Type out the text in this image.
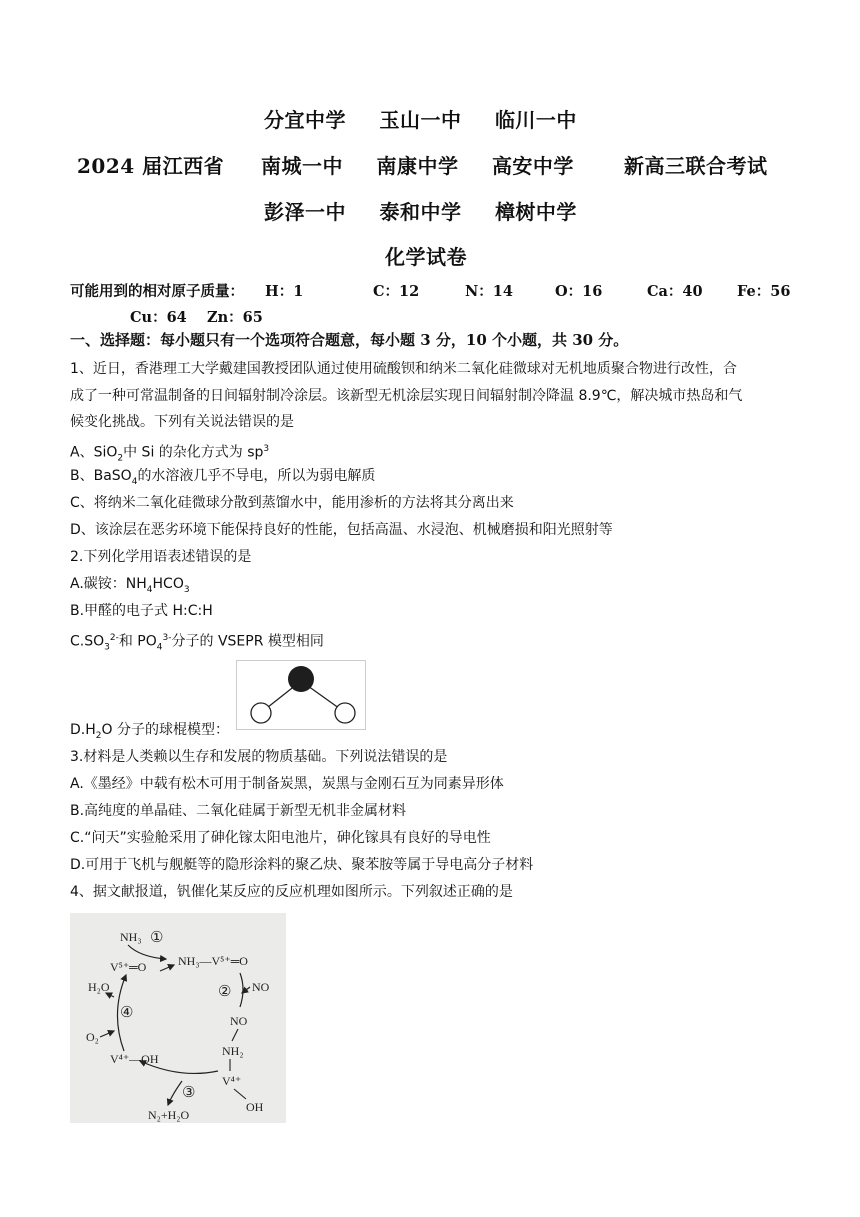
分宜中学 玉山一中 临川一中
2024 届江西省 南城一中 南康中学 高安中学	新高三联合考试
彭泽一中 泰和中学 樟树中学
化学试卷
可能用到的相对原子质量： H：1	C：12	N：14	O：16	Ca：40 Fe：56
Cu：64 Zn：65
一、选择题：每小题只有一个选项符合题意，每小题 3 分，10 个小题，共 30 分。
1、近日，香港理工大学戴建国教授团队通过使用硫酸钡和纳米二氧化硅微球对无机地质聚合物进行改性，合
成了一种可常温制备的日间辐射制冷涂层。该新型无机涂层实现日间辐射制冷降温 8.9℃，解决城市热岛和气
候变化挑战。下列有关说法错误的是
A、SiO$_2$中 Si 的杂化方式为 $sp^3$
B、BaSO$_4$的水溶液几乎不导电，所以为弱电解质
C、将纳米二氧化硅微球分散到蒸馏水中，能用渗析的方法将其分离出来
D、该涂层在恶劣环境下能保持良好的性能，包括高温、水浸泡、机械磨损和阳光照射等
2.下列化学用语表述错误的是
A.碳铵：$NH_4HCO_3$
B.甲醛的电子式 H:C:H
$C.SO_3^{2-}$和 $PO_4^{3-}$分子的 VSEPR 模型相同
$D.H_2O$ 分子的球棍模型：
3.材料是人类赖以生存和发展的物质基础。下列说法错误的是
A.《墨经》中载有松木可用于制备炭黑，炭黑与金刚石互为同素异形体
B.高纯度的单晶硅、二氧化硅属于新型无机非金属材料
C.“问天”实验舱采用了砷化镓太阳电池片，砷化镓具有良好的导电性
D.可用于飞机与舰艇等的隐形涂料的聚乙炔、聚苯胺等属于导电高分子材料
4、据文献报道，钒催化某反应的反应机理如图所示。下列叙述正确的是
NH₃ ①
V⁵⁺═O	NH₃—V⁵⁺═O
② NO
NO
NH₂
V⁴⁺
OH
V⁴⁺—OH
③
N₂+H₂O
④
H₂O
O₂
